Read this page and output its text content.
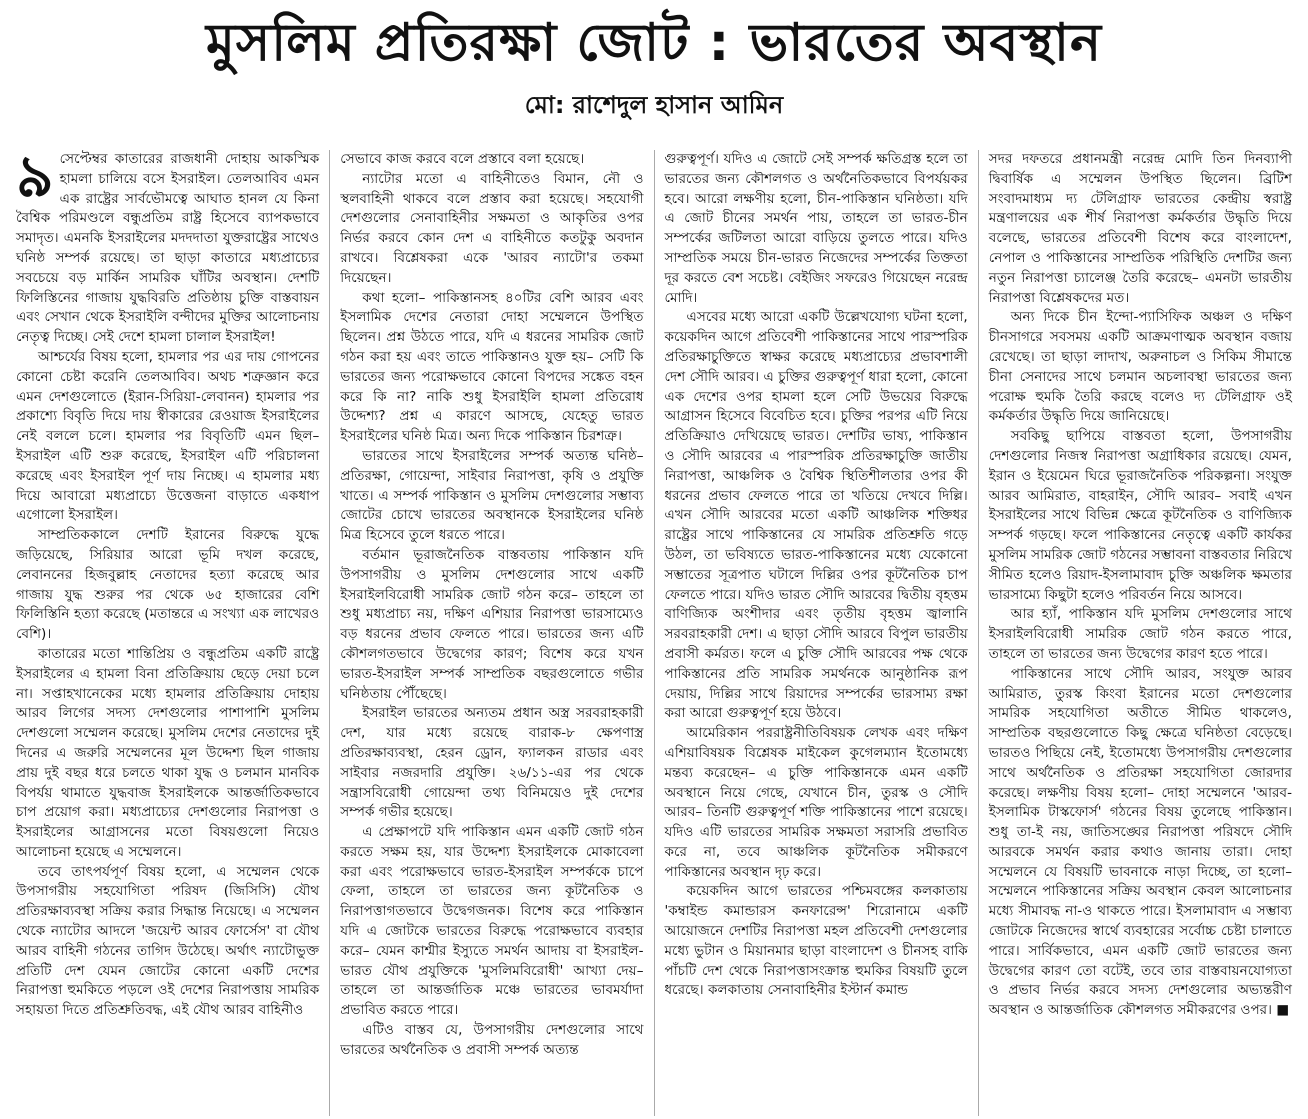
মুসলিম প্রতিরক্ষা জোট : ভারতের অবস্থান
মো: রাশেদুল হাসান আমিন

৯ সেপ্টেম্বর কাতারের রাজধানী দোহায় আকস্মিক হামলা চালিয়ে বসে ইসরাইল। তেলআবিব এমন এক রাষ্ট্রের সার্বভৌমত্বে আঘাত হানল যে কিনা বৈশ্বিক পরিমণ্ডলে বন্ধুপ্রতিম রাষ্ট্র হিসেবে ব্যাপকভাবে সমাদৃত। এমনকি ইসরাইলের মদদদাতা যুক্তরাষ্ট্রের সাথেও ঘনিষ্ঠ সম্পর্ক রয়েছে। তা ছাড়া কাতারে মধ্যপ্রাচ্যের সবচেয়ে বড় মার্কিন সামরিক ঘাঁটির অবস্থান। দেশটি ফিলিস্তিনের গাজায় যুদ্ধবিরতি প্রতিষ্ঠায় চুক্তি বাস্তবায়ন এবং সেখান থেকে ইসরাইলি বন্দীদের মুক্তির আলোচনায় নেতৃত্ব দিচ্ছে। সেই দেশে হামলা চালাল ইসরাইল!

আশ্চর্যের বিষয় হলো, হামলার পর এর দায় গোপনের কোনো চেষ্টা করেনি তেলআবিব। অথচ শত্রুজ্ঞান করে এমন দেশগুলোতে (ইরান-সিরিয়া-লেবানন) হামলার পর প্রকাশ্যে বিবৃতি দিয়ে দায় স্বীকারের রেওয়াজ ইসরাইলের নেই বললে চলে। হামলার পর বিবৃতিটি এমন ছিল– ইসরাইল এটি শুরু করেছে, ইসরাইল এটি পরিচালনা করেছে এবং ইসরাইল পূর্ণ দায় নিচ্ছে। এ হামলার মধ্য দিয়ে আবারো মধ্যপ্রাচ্যে উত্তেজনা বাড়াতে একধাপ এগোলো ইসরাইল।

সাম্প্রতিককালে দেশটি ইরানের বিরুদ্ধে যুদ্ধে জড়িয়েছে, সিরিয়ার আরো ভূমি দখল করেছে, লেবাননের হিজবুল্লাহ নেতাদের হত্যা করেছে আর গাজায় যুদ্ধ শুরুর পর থেকে ৬৫ হাজারের বেশি ফিলিস্তিনি হত্যা করেছে (মতান্তরে এ সংখ্যা এক লাখেরও বেশি)।

কাতারের মতো শান্তিপ্রিয় ও বন্ধুপ্রতিম একটি রাষ্ট্রে ইসরাইলের এ হামলা বিনা প্রতিক্রিয়ায় ছেড়ে দেয়া চলে না। সপ্তাহখানেকের মধ্যে হামলার প্রতিক্রিয়ায় দোহায় আরব লিগের সদস্য দেশগুলোর পাশাপাশি মুসলিম দেশগুলো সম্মেলন করেছে। মুসলিম দেশের নেতাদের দুই দিনের এ জরুরি সম্মেলনের মূল উদ্দেশ্য ছিল গাজায় প্রায় দুই বছর ধরে চলতে থাকা যুদ্ধ ও চলমান মানবিক বিপর্যয় থামাতে যুদ্ধবাজ ইসরাইলকে আন্তর্জাতিকভাবে চাপ প্রয়োগ করা। মধ্যপ্রাচ্যের দেশগুলোর নিরাপত্তা ও ইসরাইলের আগ্রাসনের মতো বিষয়গুলো নিয়েও আলোচনা হয়েছে এ সম্মেলনে।

তবে তাৎপর্যপূর্ণ বিষয় হলো, এ সম্মেলন থেকে উপসাগরীয় সহযোগিতা পরিষদ (জিসিসি) যৌথ প্রতিরক্ষাব্যবস্থা সক্রিয় করার সিদ্ধান্ত নিয়েছে। এ সম্মেলন থেকে ন্যাটোর আদলে 'জয়েন্ট আরব ফোর্সেস' বা যৌথ আরব বাহিনী গঠনের তাগিদ উঠেছে। অর্থাৎ ন্যাটোভুক্ত প্রতিটি দেশ যেমন জোটের কোনো একটি দেশের নিরাপত্তা হুমকিতে পড়লে ওই দেশের নিরাপত্তায় সামরিক সহায়তা দিতে প্রতিশ্রুতিবদ্ধ, এই যৌথ আরব বাহিনীও

সেভাবে কাজ করবে বলে প্রস্তাবে বলা হয়েছে।

ন্যাটোর মতো এ বাহিনীতেও বিমান, নৌ ও স্থলবাহিনী থাকবে বলে প্রস্তাব করা হয়েছে। সহযোগী দেশগুলোর সেনাবাহিনীর সক্ষমতা ও আকৃতির ওপর নির্ভর করবে কোন দেশ এ বাহিনীতে কতটুকু অবদান রাখবে। বিশ্লেষকরা একে 'আরব ন্যাটো'র তকমা দিয়েছেন।

কথা হলো– পাকিস্তানসহ ৪০টির বেশি আরব এবং ইসলামিক দেশের নেতারা দোহা সম্মেলনে উপস্থিত ছিলেন। প্রশ্ন উঠতে পারে, যদি এ ধরনের সামরিক জোট গঠন করা হয় এবং তাতে পাকিস্তানও যুক্ত হয়– সেটি কি ভারতের জন্য পরোক্ষভাবে কোনো বিপদের সঙ্কেত বহন করে কি না? নাকি শুধু ইসরাইলি হামলা প্রতিরোধ উদ্দেশ্য? প্রশ্ন এ কারণে আসছে, যেহেতু ভারত ইসরাইলের ঘনিষ্ঠ মিত্র। অন্য দিকে পাকিস্তান চিরশত্রু।

ভারতের সাথে ইসরাইলের সম্পর্ক অত্যন্ত ঘনিষ্ঠ– প্রতিরক্ষা, গোয়েন্দা, সাইবার নিরাপত্তা, কৃষি ও প্রযুক্তি খাতে। এ সম্পর্ক পাকিস্তান ও মুসলিম দেশগুলোর সম্ভাব্য জোটের চোখে ভারতের অবস্থানকে ইসরাইলের ঘনিষ্ঠ মিত্র হিসেবে তুলে ধরতে পারে।

বর্তমান ভূরাজনৈতিক বাস্তবতায় পাকিস্তান যদি উপসাগরীয় ও মুসলিম দেশগুলোর সাথে একটি ইসরাইলবিরোধী সামরিক জোট গঠন করে– তাহলে তা শুধু মধ্যপ্রাচ্য নয়, দক্ষিণ এশিয়ার নিরাপত্তা ভারসাম্যেও বড় ধরনের প্রভাব ফেলতে পারে। ভারতের জন্য এটি কৌশলগতভাবে উদ্বেগের কারণ; বিশেষ করে যখন ভারত-ইসরাইল সম্পর্ক সাম্প্রতিক বছরগুলোতে গভীর ঘনিষ্ঠতায় পৌঁছেছে।

ইসরাইল ভারতের অন্যতম প্রধান অস্ত্র সরবরাহকারী দেশ, যার মধ্যে রয়েছে বারাক-৮ ক্ষেপণাস্ত্র প্রতিরক্ষাব্যবস্থা, হেরন ড্রোন, ফ্যালকন রাডার এবং সাইবার নজরদারি প্রযুক্তি। ২৬/১১-এর পর থেকে সন্ত্রাসবিরোধী গোয়েন্দা তথ্য বিনিময়েও দুই দেশের সম্পর্ক গভীর হয়েছে।

এ প্রেক্ষাপটে যদি পাকিস্তান এমন একটি জোট গঠন করতে সক্ষম হয়, যার উদ্দেশ্য ইসরাইলকে মোকাবেলা করা এবং পরোক্ষভাবে ভারত-ইসরাইল সম্পর্ককে চাপে ফেলা, তাহলে তা ভারতের জন্য কূটনৈতিক ও নিরাপত্তাগতভাবে উদ্বেগজনক। বিশেষ করে পাকিস্তান যদি এ জোটকে ভারতের বিরুদ্ধে পরোক্ষভাবে ব্যবহার করে– যেমন কাশ্মীর ইস্যুতে সমর্থন আদায় বা ইসরাইল-ভারত যৌথ প্রযুক্তিকে 'মুসলিমবিরোধী' আখ্যা দেয়– তাহলে তা আন্তর্জাতিক মঞ্চে ভারতের ভাবমর্যাদা প্রভাবিত করতে পারে।

এটিও বাস্তব যে, উপসাগরীয় দেশগুলোর সাথে ভারতের অর্থনৈতিক ও প্রবাসী সম্পর্ক অত্যন্ত

গুরুত্বপূর্ণ। যদিও এ জোটে সেই সম্পর্ক ক্ষতিগ্রস্ত হলে তা ভারতের জন্য কৌশলগত ও অর্থনৈতিকভাবে বিপর্যয়কর হবে। আরো লক্ষণীয় হলো, চীন-পাকিস্তান ঘনিষ্ঠতা। যদি এ জোট চীনের সমর্থন পায়, তাহলে তা ভারত-চীন সম্পর্কের জটিলতা আরো বাড়িয়ে তুলতে পারে। যদিও সাম্প্রতিক সময়ে চীন-ভারত নিজেদের সম্পর্কের তিক্ততা দূর করতে বেশ সচেষ্ট। বেইজিং সফরেও গিয়েছেন নরেন্দ্র মোদি।

এসবের মধ্যে আরো একটি উল্লেখযোগ্য ঘটনা হলো, কয়েকদিন আগে প্রতিবেশী পাকিস্তানের সাথে পারস্পরিক প্রতিরক্ষাচুক্তিতে স্বাক্ষর করেছে মধ্যপ্রাচ্যের প্রভাবশালী দেশ সৌদি আরব। এ চুক্তির গুরুত্বপূর্ণ ধারা হলো, কোনো এক দেশের ওপর হামলা হলে সেটি উভয়ের বিরুদ্ধে আগ্রাসন হিসেবে বিবেচিত হবে। চুক্তির পরপর এটি নিয়ে প্রতিক্রিয়াও দেখিয়েছে ভারত। দেশটির ভাষ্য, পাকিস্তান ও সৌদি আরবের এ পারস্পরিক প্রতিরক্ষাচুক্তি জাতীয় নিরাপত্তা, আঞ্চলিক ও বৈশ্বিক স্থিতিশীলতার ওপর কী ধরনের প্রভাব ফেলতে পারে তা খতিয়ে দেখবে দিল্লি। এখন সৌদি আরবের মতো একটি আঞ্চলিক শক্তিধর রাষ্ট্রের সাথে পাকিস্তানের যে সামরিক প্রতিশ্রুতি গড়ে উঠল, তা ভবিষ্যতে ভারত-পাকিস্তানের মধ্যে যেকোনো সম্ভাতের সূত্রপাত ঘটালে দিল্লির ওপর কূটনৈতিক চাপ ফেলতে পারে। যদিও ভারত সৌদি আরবের দ্বিতীয় বৃহত্তম বাণিজ্যিক অংশীদার এবং তৃতীয় বৃহত্তম জ্বালানি সরবরাহকারী দেশ। এ ছাড়া সৌদি আরবে বিপুল ভারতীয় প্রবাসী কর্মরত। ফলে এ চুক্তি সৌদি আরবের পক্ষ থেকে পাকিস্তানের প্রতি সামরিক সমর্থনকে আনুষ্ঠানিক রূপ দেয়ায়, দিল্লির সাথে রিয়াদের সম্পর্কের ভারসাম্য রক্ষা করা আরো গুরুত্বপূর্ণ হয়ে উঠবে।

আমেরিকান পররাষ্ট্রনীতিবিষয়ক লেখক এবং দক্ষিণ এশিয়াবিষয়ক বিশ্লেষক মাইকেল কুগেলম্যান ইতোমধ্যে মন্তব্য করেছেন– এ চুক্তি পাকিস্তানকে এমন একটি অবস্থানে নিয়ে গেছে, যেখানে চীন, তুরস্ক ও সৌদি আরব– তিনটি গুরুত্বপূর্ণ শক্তি পাকিস্তানের পাশে রয়েছে। যদিও এটি ভারতের সামরিক সক্ষমতা সরাসরি প্রভাবিত করে না, তবে আঞ্চলিক কূটনৈতিক সমীকরণে পাকিস্তানের অবস্থান দৃঢ় করে।

কয়েকদিন আগে ভারতের পশ্চিমবঙ্গের কলকাতায় 'কম্বাইন্ড কমান্ডারস কনফারেন্স' শিরোনামে একটি আয়োজনে দেশটির নিরাপত্তা মহল প্রতিবেশী দেশগুলোর মধ্যে ভুটান ও মিয়ানমার ছাড়া বাংলাদেশ ও চীনসহ বাকি পাঁচটি দেশ থেকে নিরাপত্তাসংক্রান্ত হুমকির বিষয়টি তুলে ধরেছে। কলকাতায় সেনাবাহিনীর ইস্টার্ন কমান্ড

সদর দফতরে প্রধানমন্ত্রী নরেন্দ্র মোদি তিন দিনব্যাপী দ্বিবার্ষিক এ সম্মেলন উপস্থিত ছিলেন। ব্রিটিশ সংবাদমাধ্যম দ্য টেলিগ্রাফ ভারতের কেন্দ্রীয় স্বরাষ্ট্র মন্ত্রণালয়ের এক শীর্ষ নিরাপত্তা কর্মকর্তার উদ্ধৃতি দিয়ে বলেছে, ভারতের প্রতিবেশী বিশেষ করে বাংলাদেশ, নেপাল ও পাকিস্তানের সাম্প্রতিক পরিস্থিতি দেশটির জন্য নতুন নিরাপত্তা চ্যালেঞ্জ তৈরি করেছে– এমনটা ভারতীয় নিরাপত্তা বিশ্লেষকদের মত।

অন্য দিকে চীন ইন্দো-প্যাসিফিক অঞ্চল ও দক্ষিণ চীনসাগরে সবসময় একটি আক্রমণাত্মক অবস্থান বজায় রেখেছে। তা ছাড়া লাদাখ, অরুনাচল ও সিকিম সীমান্তে চীনা সেনাদের সাথে চলমান অচলাবস্থা ভারতের জন্য পরোক্ষ হুমকি তৈরি করছে বলেও দ্য টেলিগ্রাফ ওই কর্মকর্তার উদ্ধৃতি দিয়ে জানিয়েছে।

সবকিছু ছাপিয়ে বাস্তবতা হলো, উপসাগরীয় দেশগুলোর নিজস্ব নিরাপত্তা অগ্রাধিকার রয়েছে। যেমন, ইরান ও ইয়েমেন ঘিরে ভূরাজনৈতিক পরিকল্পনা। সংযুক্ত আরব আমিরাত, বাহরাইন, সৌদি আরব– সবাই এখন ইসরাইলের সাথে বিভিন্ন ক্ষেত্রে কূটনৈতিক ও বাণিজ্যিক সম্পর্ক গড়ছে। ফলে পাকিস্তানের নেতৃত্বে একটি কার্যকর মুসলিম সামরিক জোট গঠনের সম্ভাবনা বাস্তবতার নিরিখে সীমিত হলেও রিয়াদ-ইসলামাবাদ চুক্তি অঞ্চলিক ক্ষমতার ভারসাম্যে কিছুটা হলেও পরিবর্তন নিয়ে আসবে।

আর হ্যাঁ, পাকিস্তান যদি মুসলিম দেশগুলোর সাথে ইসরাইলবিরোধী সামরিক জোট গঠন করতে পারে, তাহলে তা ভারতের জন্য উদ্বেগের কারণ হতে পারে।

পাকিস্তানের সাথে সৌদি আরব, সংযুক্ত আরব আমিরাত, তুরস্ক কিংবা ইরানের মতো দেশগুলোর সামরিক সহযোগিতা অতীতে সীমিত থাকলেও, সাম্প্রতিক বছরগুলোতে কিছু ক্ষেত্রে ঘনিষ্ঠতা বেড়েছে। ভারতও পিছিয়ে নেই, ইতোমধ্যে উপসাগরীয় দেশগুলোর সাথে অর্থনৈতিক ও প্রতিরক্ষা সহযোগিতা জোরদার করেছে। লক্ষণীয় বিষয় হলো– দোহা সম্মেলনে 'আরব-ইসলামিক টাস্কফোর্স' গঠনের বিষয় তুলেছে পাকিস্তান। শুধু তা-ই নয়, জাতিসঙ্ঘের নিরাপত্তা পরিষদে সৌদি আরবকে সমর্থন করার কথাও জানায় তারা। দোহা সম্মেলনে যে বিষয়টি ভাবনাকে নাড়া দিচ্ছে, তা হলো– সম্মেলনে পাকিস্তানের সক্রিয় অবস্থান কেবল আলোচনার মধ্যে সীমাবদ্ধ না-ও থাকতে পারে। ইসলামাবাদ এ সম্ভাব্য জোটকে নিজেদের স্বার্থে ব্যবহারের সর্বোচ্চ চেষ্টা চালাতে পারে। সার্বিকভাবে, এমন একটি জোট ভারতের জন্য উদ্বেগের কারণ তো বটেই, তবে তার বাস্তবায়নযোগ্যতা ও প্রভাব নির্ভর করবে সদস্য দেশগুলোর অভ্যন্তরীণ অবস্থান ও আন্তর্জাতিক কৌশলগত সমীকরণের ওপর। ■
